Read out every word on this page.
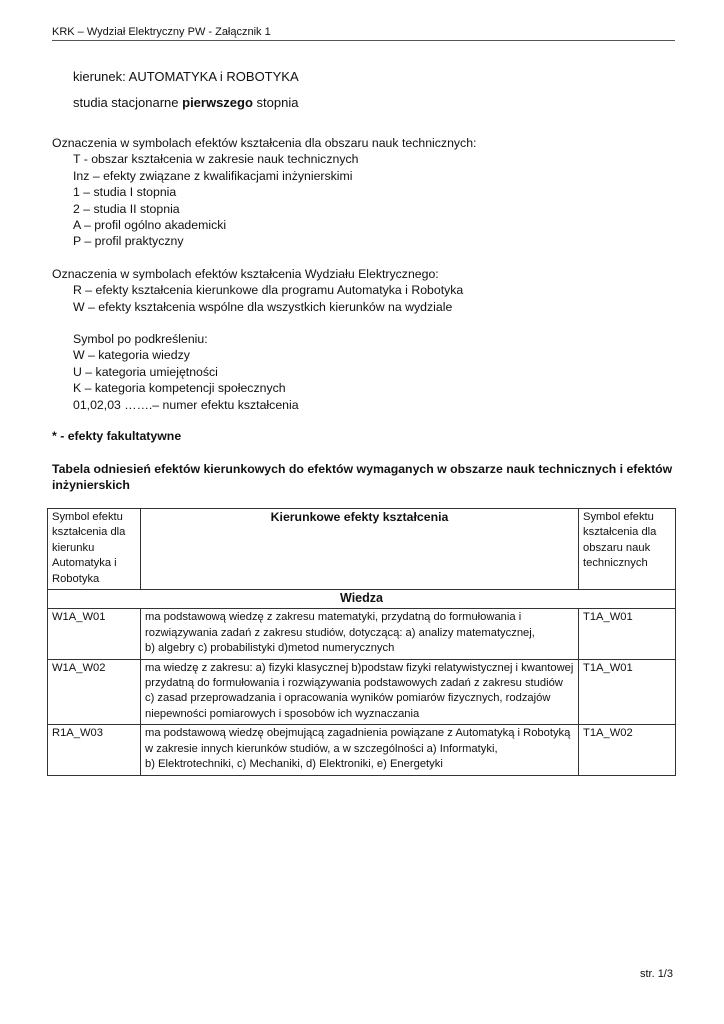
KRK – Wydział Elektryczny PW - Załącznik 1
kierunek: AUTOMATYKA i ROBOTYKA
studia stacjonarne pierwszego stopnia
Oznaczenia w symbolach efektów kształcenia dla obszaru nauk technicznych:
T - obszar kształcenia w zakresie nauk technicznych
Inz – efekty związane z kwalifikacjami inżynierskimi
1 – studia I stopnia
2 – studia II stopnia
A – profil ogólno akademicki
P – profil praktyczny
Oznaczenia w symbolach efektów kształcenia Wydziału Elektrycznego:
R – efekty kształcenia kierunkowe dla programu Automatyka i Robotyka
W – efekty kształcenia wspólne dla wszystkich kierunków na wydziale
Symbol po podkreśleniu:
W – kategoria wiedzy
U – kategoria umiejętności
K – kategoria kompetencji społecznych
01,02,03 …….– numer efektu kształcenia
* - efekty fakultatywne
Tabela odniesień efektów kierunkowych do efektów wymaganych w obszarze nauk technicznych i efektów
inżynierskich
Symbol efektu
kształcenia dla
kierunku
Automatyka i
Robotyka	Kierunkowe efekty kształcenia	Symbol efektu
kształcenia dla
obszaru nauk
technicznych

Wiedza		
W1A_W01	ma podstawową wiedzę z zakresu matematyki, przydatną do formułowania i
rozwiązywania zadań z zakresu studiów, dotyczącą: a) analizy matematycznej,
b) algebry c) probabilistyki d)metod numerycznych	T1A_W01
W1A_W02	ma wiedzę z zakresu: a) fizyki klasycznej b)podstaw fizyki relatywistycznej i kwantowej
przydatną do formułowania i rozwiązywania podstawowych zadań z zakresu studiów
c) zasad przeprowadzania i opracowania wyników pomiarów fizycznych, rodzajów
niepewności pomiarowych i sposobów ich wyznaczania	T1A_W01
R1A_W03	ma podstawową wiedzę obejmującą zagadnienia powiązane z Automatyką i Robotyką
w zakresie innych kierunków studiów, a w szczególności a) Informatyki,
b) Elektrotechniki, c) Mechaniki, d) Elektroniki, e) Energetyki	T1A_W02
str. 1/3
